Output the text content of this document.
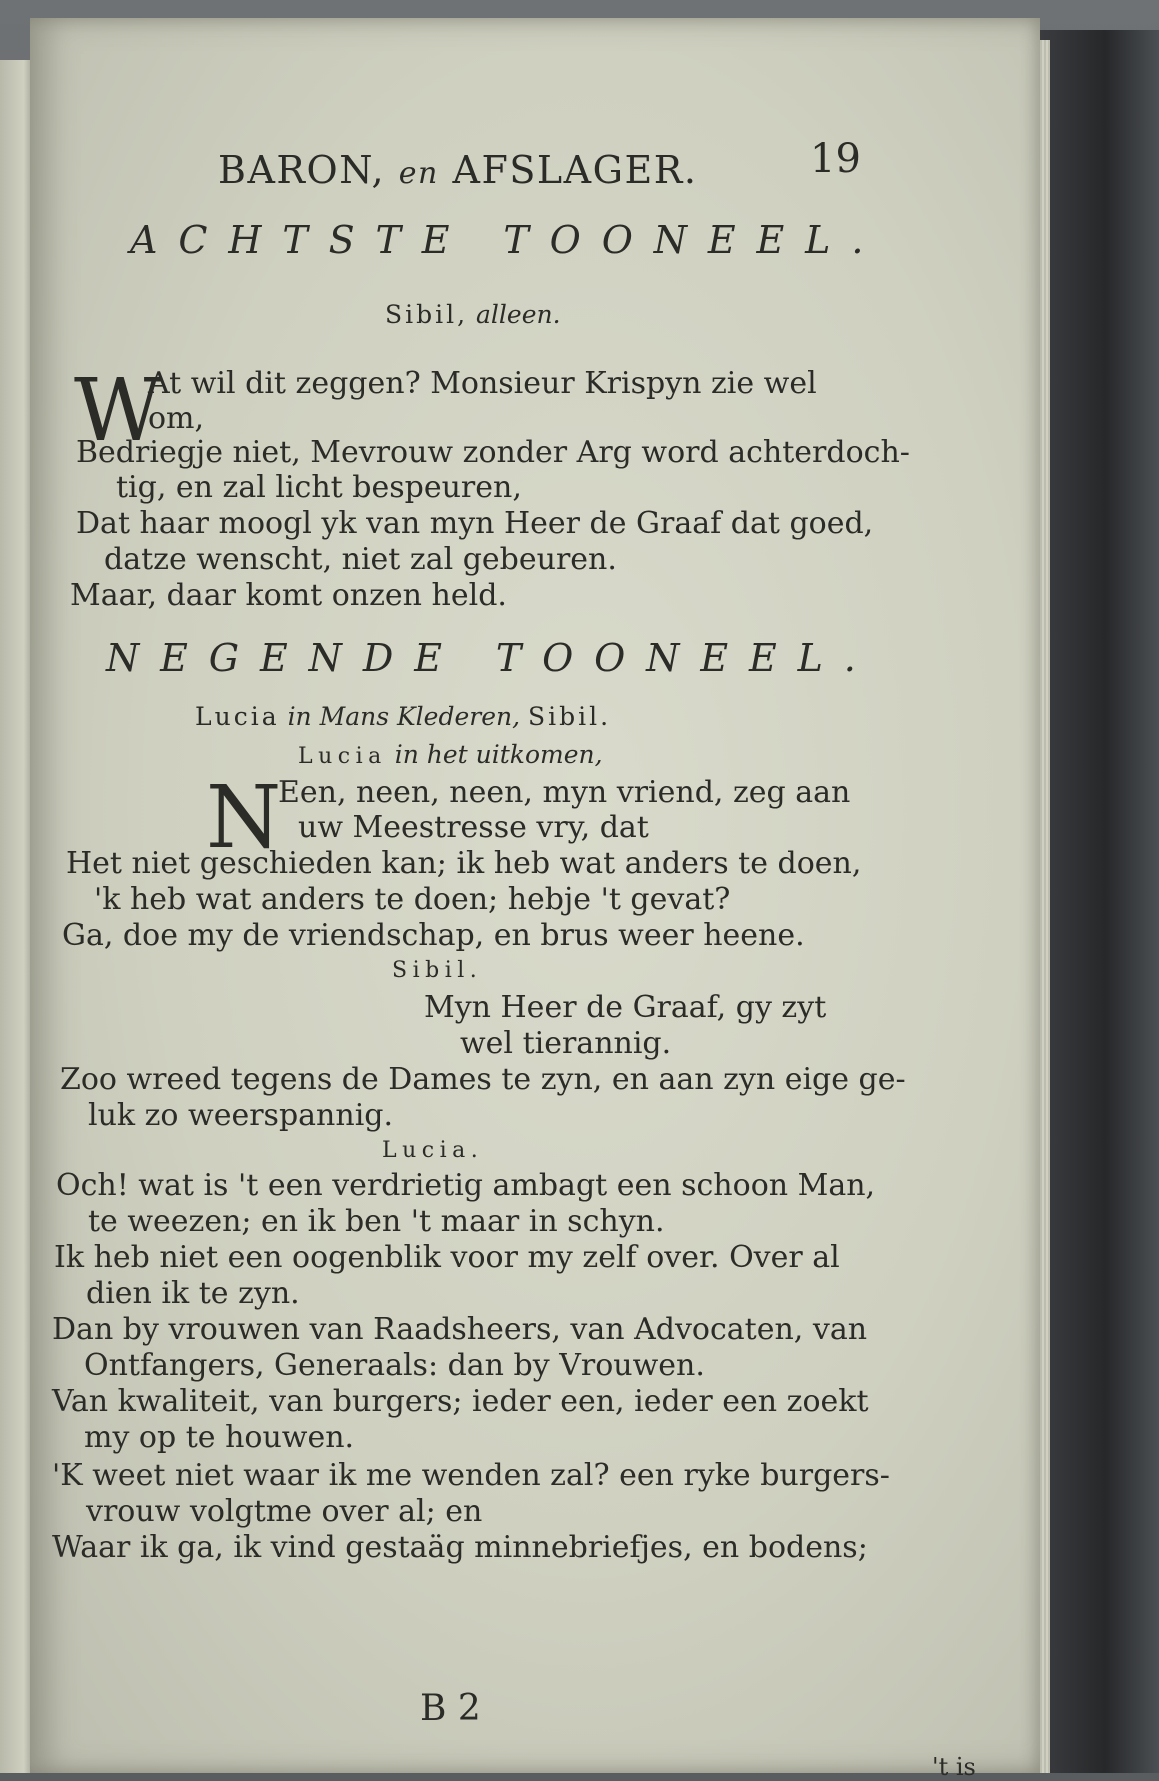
BARON, en AFSLAGER.	19
ACHTSTE TOONEEL.
Sibil, alleen.
W
At wil dit zeggen? Monsieur Krispyn zie wel
om,
Bedriegje niet, Mevrouw zonder Arg word achterdoch-
tig, en zal licht bespeuren,
Dat haar moogl yk van myn Heer de Graaf dat goed,
datze wenscht, niet zal gebeuren.
Maar, daar komt onzen held.
NEGENDE TOONEEL.
Lucia in Mans Klederen, Sibil.
Lucia in het uitkomen,
N
Een, neen, neen, myn vriend, zeg aan
uw Meestresse vry, dat
Het niet geschieden kan; ik heb wat anders te doen,
'k heb wat anders te doen; hebje 't gevat?
Ga, doe my de vriendschap, en brus weer heene.
Sibil.
Myn Heer de Graaf, gy zyt
wel tierannig.
Zoo wreed tegens de Dames te zyn, en aan zyn eige ge-
luk zo weerspannig.
Lucia.
Och! wat is 't een verdrietig ambagt een schoon Man,
te weezen; en ik ben 't maar in schyn.
Ik heb niet een oogenblik voor my zelf over. Over al
dien ik te zyn.
Dan by vrouwen van Raadsheers, van Advocaten, van
Ontfangers, Generaals: dan by Vrouwen.
Van kwaliteit, van burgers; ieder een, ieder een zoekt
my op te houwen.
'K weet niet waar ik me wenden zal? een ryke burgers-
vrouw volgtme over al; en
Waar ik ga, ik vind gestaäg minnebriefjes, en bodens;
B 2
't is
